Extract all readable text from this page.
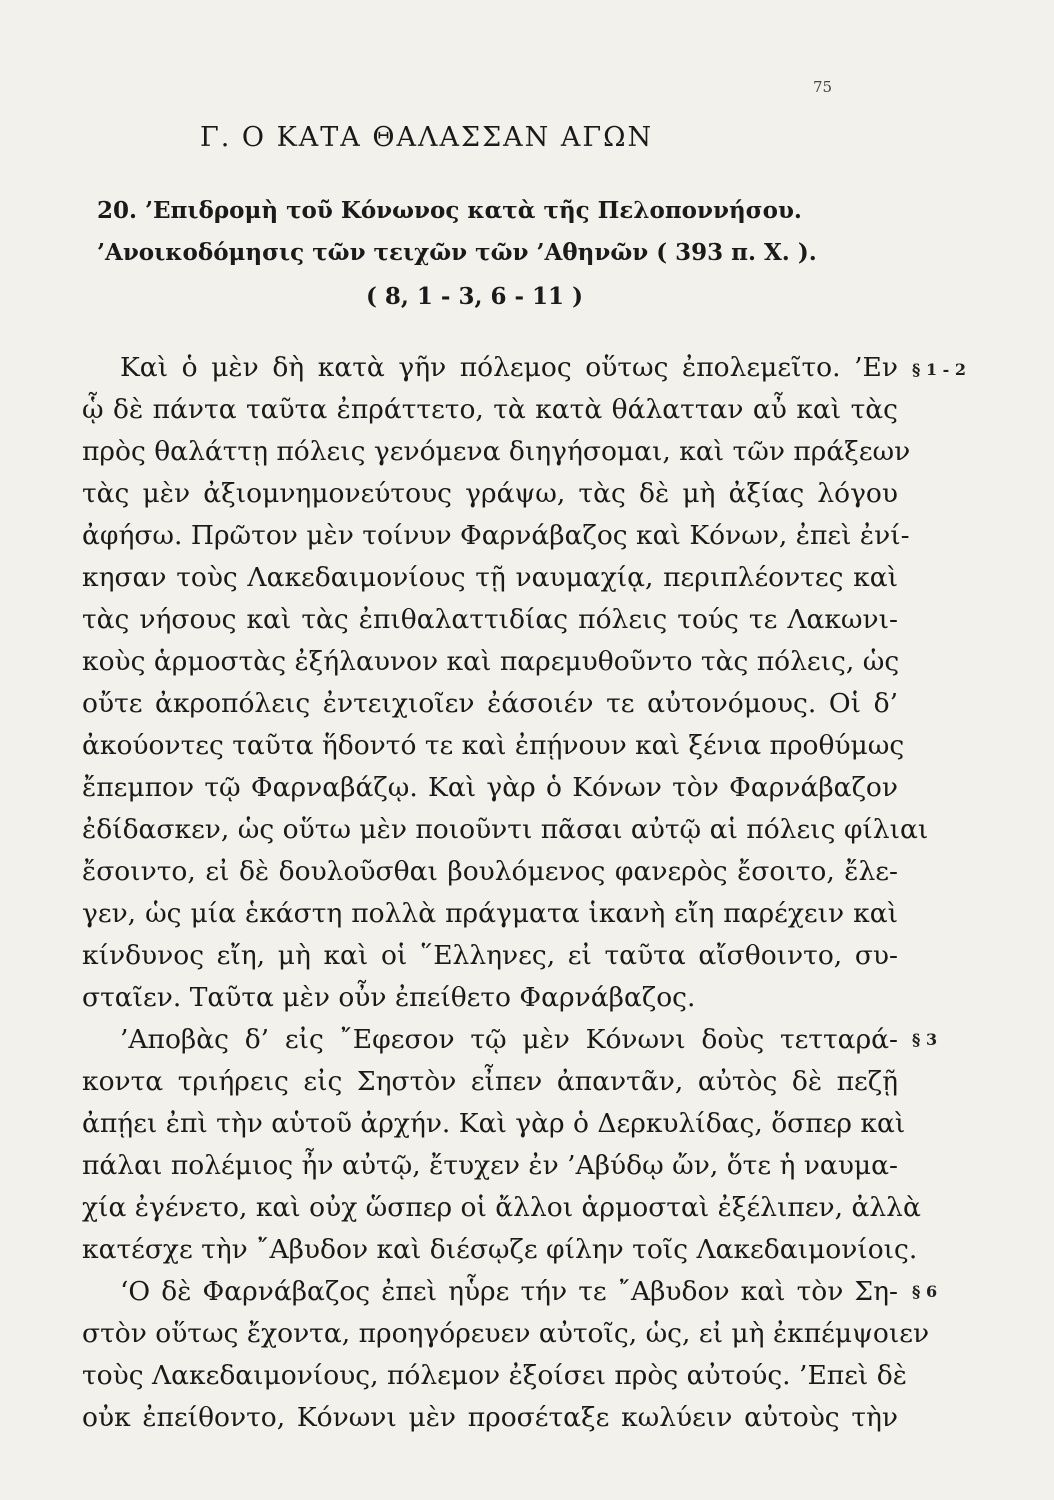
75
Γ. Ο ΚΑΤΑ ΘΑΛΑΣΣΑΝ ΑΓΩΝ
20. ’Επιδρομὴ τοῦ Κόνωνος κατὰ τῆς Πελοποννήσου.
’Ανοικοδόμησις τῶν τειχῶν τῶν ’Αθηνῶν ( 393 π. Χ. ).
( 8, 1 - 3, 6 - 11 )
Καὶ ὁ μὲν δὴ κατὰ γῆν πόλεμος οὕτως ἐπολεμεῖτο. ’Εν
ᾧ δὲ πάντα ταῦτα ἐπράττετο, τὰ κατὰ θάλατταν αὖ καὶ τὰς
πρὸς θαλάττῃ πόλεις γενόμενα διηγήσομαι, καὶ τῶν πράξεων
τὰς μὲν ἀξιομνημονεύτους γράψω, τὰς δὲ μὴ ἀξίας λόγου
ἀφήσω. Πρῶτον μὲν τοίνυν Φαρνάβαζος καὶ Κόνων, ἐπεὶ ἐνί-
κησαν τοὺς Λακεδαιμονίους τῇ ναυμαχίᾳ, περιπλέοντες καὶ
τὰς νήσους καὶ τὰς ἐπιθαλαττιδίας πόλεις τούς τε Λακωνι-
κοὺς ἁρμοστὰς ἐξήλαυνον καὶ παρεμυθοῦντο τὰς πόλεις, ὡς
οὔτε ἀκροπόλεις ἐντειχιοῖεν ἐάσοιέν τε αὐτονόμους. Οἱ δ’
ἀκούοντες ταῦτα ἥδοντό τε καὶ ἐπῄνουν καὶ ξένια προθύμως
ἔπεμπον τῷ Φαρναβάζῳ. Καὶ γὰρ ὁ Κόνων τὸν Φαρνάβαζον
ἐδίδασκεν, ὡς οὕτω μὲν ποιοῦντι πᾶσαι αὐτῷ αἱ πόλεις φίλιαι
ἔσοιντο, εἰ δὲ δουλοῦσθαι βουλόμενος φανερὸς ἔσοιτο, ἔλε-
γεν, ὡς μία ἑκάστη πολλὰ πράγματα ἱκανὴ εἴη παρέχειν καὶ
κίνδυνος εἴη, μὴ καὶ οἱ ῞Ελληνες, εἰ ταῦτα αἴσθοιντο, συ-
σταῖεν. Ταῦτα μὲν οὖν ἐπείθετο Φαρνάβαζος.
’Αποβὰς δ’ εἰς ῎Εφεσον τῷ μὲν Κόνωνι δοὺς τετταρά-
κοντα τριήρεις εἰς Σηστὸν εἶπεν ἀπαντᾶν, αὐτὸς δὲ πεζῇ
ἀπῄει ἐπὶ τὴν αὑτοῦ ἀρχήν. Καὶ γὰρ ὁ Δερκυλίδας, ὅσπερ καὶ
πάλαι πολέμιος ἦν αὐτῷ, ἔτυχεν ἐν ’Αβύδῳ ὤν, ὅτε ἡ ναυμα-
χία ἐγένετο, καὶ οὐχ ὥσπερ οἱ ἄλλοι ἁρμοσταὶ ἐξέλιπεν, ἀλλὰ
κατέσχε τὴν ῎Αβυδον καὶ διέσῳζε φίλην τοῖς Λακεδαιμονίοις.
‘Ο δὲ Φαρνάβαζος ἐπεὶ ηὗρε τήν τε ῎Αβυδον καὶ τὸν Ση-
στὸν οὕτως ἔχοντα, προηγόρευεν αὐτοῖς, ὡς, εἰ μὴ ἐκπέμψοιεν
τοὺς Λακεδαιμονίους, πόλεμον ἐξοίσει πρὸς αὐτούς. ’Επεὶ δὲ
οὐκ ἐπείθοντο, Κόνωνι μὲν προσέταξε κωλύειν αὐτοὺς τὴν
§ 1 - 2
§ 3
§ 6
